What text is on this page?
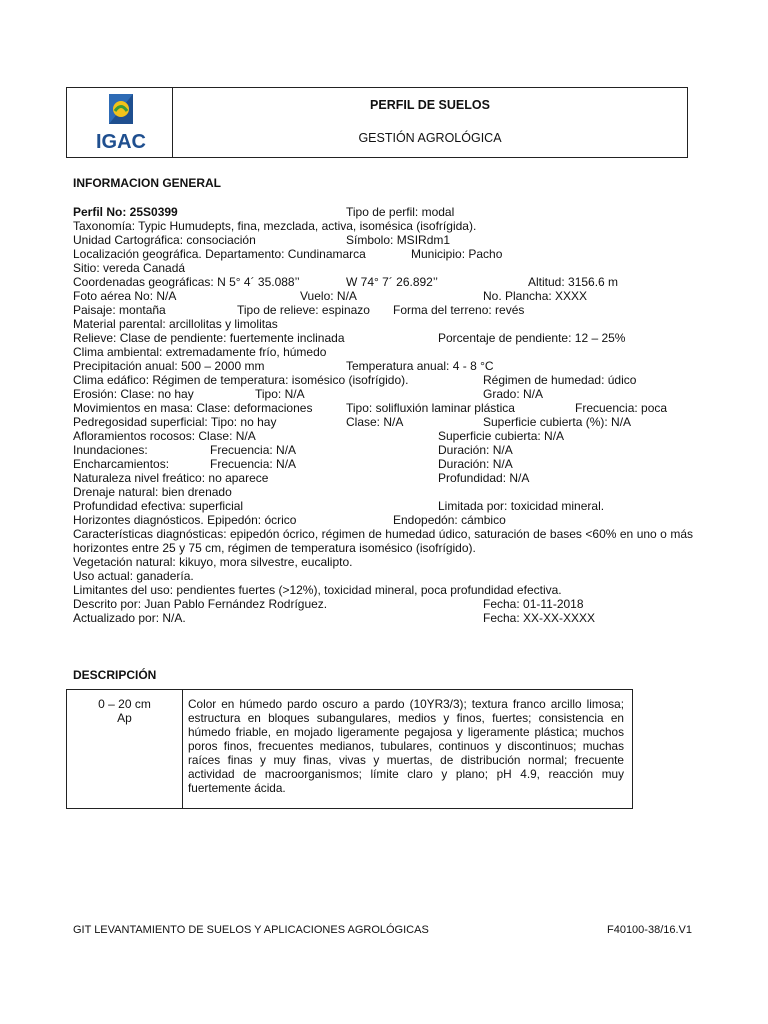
IGAC
PERFIL DE SUELOS
GESTIÓN AGROLÓGICA
INFORMACION GENERAL
Perfil No: 25S0399	Tipo de perfil: modal
Taxonomía: Typic Humudepts, fina, mezclada, activa, isomésica (isofrígida).
Unidad Cartográfica: consociación	Símbolo: MSIRdm1
Localización geográfica. Departamento: Cundinamarca	Municipio: Pacho
Sitio: vereda Canadá
Coordenadas geográficas: N 5° 4´ 35.088’’	W 74° 7´ 26.892’’	Altitud: 3156.6 m
Foto aérea No: N/A	Vuelo: N/A	No. Plancha: XXXX
Paisaje: montaña	Tipo de relieve: espinazo Forma del terreno: revés
Material parental: arcillolitas y limolitas
Relieve: Clase de pendiente: fuertemente inclinada	Porcentaje de pendiente: 12 – 25%
Clima ambiental: extremadamente frío, húmedo
Precipitación anual: 500 – 2000 mm	Temperatura anual: 4 - 8 °C
Clima edáfico: Régimen de temperatura: isomésico (isofrígido).	Régimen de humedad: údico
Erosión: Clase: no hay	Tipo: N/A	Grado: N/A
Movimientos en masa: Clase: deformaciones	Tipo: solifluxión laminar plástica	Frecuencia: poca
Pedregosidad superficial: Tipo: no hay	Clase: N/A	Superficie cubierta (%): N/A
Afloramientos rocosos: Clase: N/A	Superficie cubierta: N/A
Inundaciones:	Frecuencia: N/A	Duración: N/A
Encharcamientos:	Frecuencia: N/A	Duración: N/A
Naturaleza nivel freático: no aparece	Profundidad: N/A
Drenaje natural: bien drenado
Profundidad efectiva: superficial	Limitada por: toxicidad mineral.
Horizontes diagnósticos. Epipedón: ócrico	Endopedón: cámbico
Características diagnósticas: epipedón ócrico, régimen de humedad údico, saturación de bases <60% en uno o más horizontes entre 25 y 75 cm, régimen de temperatura isomésico (isofrígido).
Vegetación natural: kikuyo, mora silvestre, eucalipto.
Uso actual: ganadería.
Limitantes del uso: pendientes fuertes (>12%), toxicidad mineral, poca profundidad efectiva.
Descrito por: Juan Pablo Fernández Rodríguez.	Fecha: 01-11-2018
Actualizado por: N/A.	Fecha: XX-XX-XXXX
DESCRIPCIÓN
0 – 20 cm
Ap
Color en húmedo pardo oscuro a pardo (10YR3/3); textura franco arcillo limosa; estructura en bloques subangulares, medios y finos, fuertes; consistencia en húmedo friable, en mojado ligeramente pegajosa y ligeramente plástica; muchos poros finos, frecuentes medianos, tubulares, continuos y discontinuos; muchas raíces finas y muy finas, vivas y muertas, de distribución normal; frecuente actividad de macroorganismos; límite claro y plano; pH 4.9, reacción muy fuertemente ácida.
GIT LEVANTAMIENTO DE SUELOS Y APLICACIONES AGROLÓGICAS	F40100-38/16.V1
